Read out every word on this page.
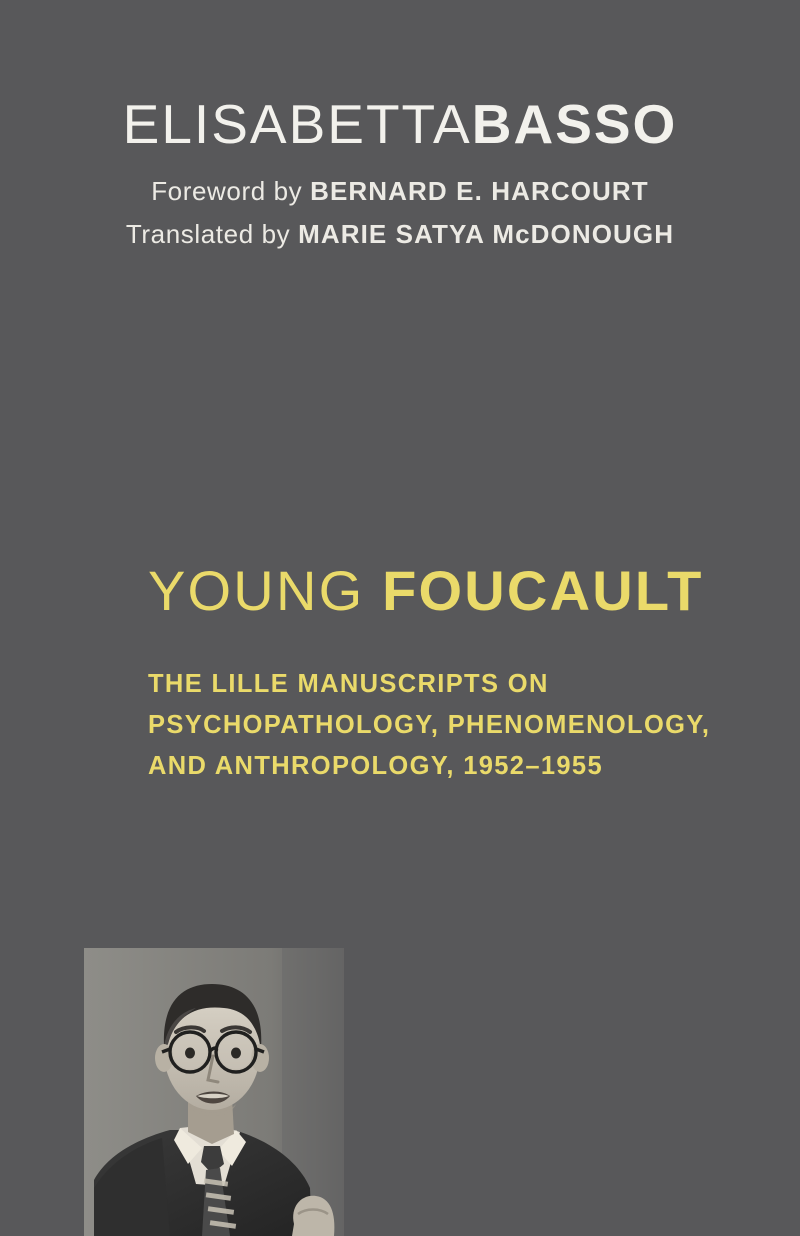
ELISABETTABASSO
Foreword by BERNARD E. HARCOURT
Translated by MARIE SATYA McDONOUGH
YOUNG FOUCAULT
THE LILLE MANUSCRIPTS ON
PSYCHOPATHOLOGY, PHENOMENOLOGY,
AND ANTHROPOLOGY, 1952–1955
